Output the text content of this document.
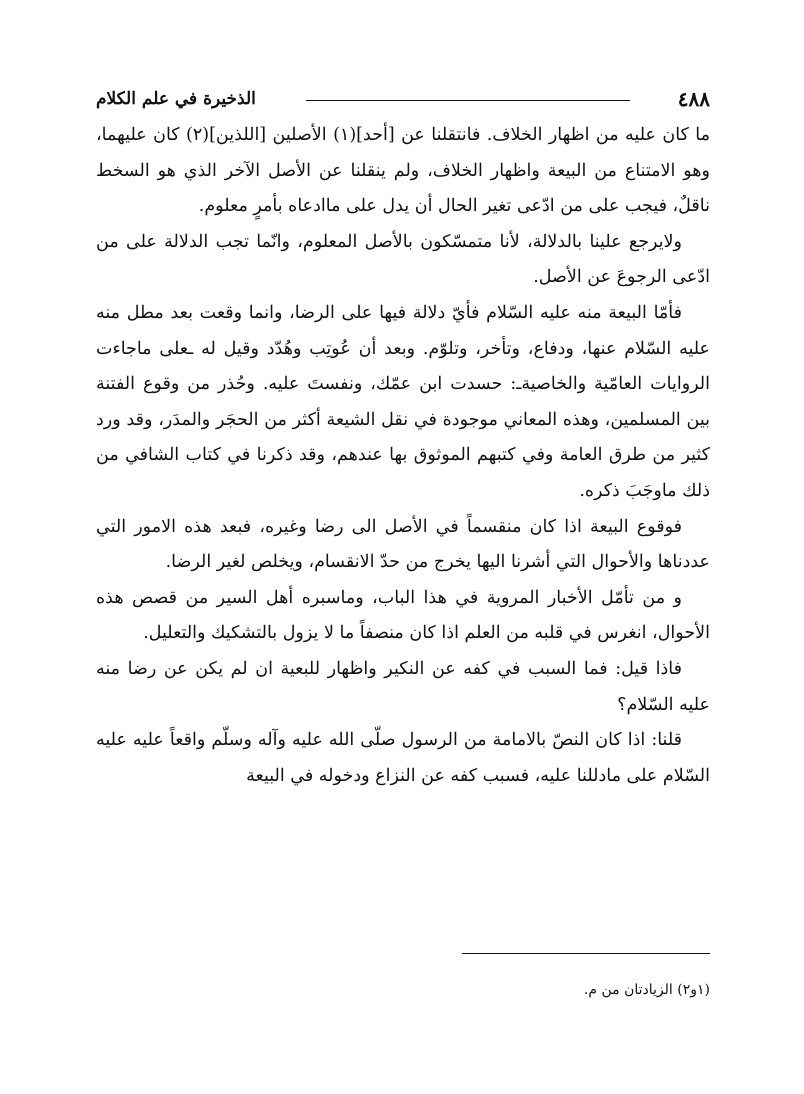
٤٨٨
الذخيرة في علم الكلام

ما كان عليه من اظهار الخلاف. فانتقلنا عن [أحد](١) الأصلين [اللذين](٢) كان عليهما، وهو الامتناع من البيعة واظهار الخلاف، ولم ينقلنا عن الأصل الآخر الذي هو السخط ناقلٌ، فيجب على من ادّعى تغير الحال أن يدل على ماادعاه بأمرٍ معلوم.

ولايرجع علينا بالدلالة، لأنا متمسّكون بالأصل المعلوم، وانّما تجب الدلالة على من ادّعى الرجوعَ عن الأصل.

فأمّا البيعة منه عليه السّلام فأيّ دلالة فيها على الرضا، وانما وقعت بعد مطل منه عليه السّلام عنها، ودفاع، وتأخر، وتلوّم. وبعد أن عُوتِب وهُدّد وقيل له ـعلى ماجاءت الروايات العامّية والخاصيةـ: حسدت ابن عمّك، ونفستَ عليه. وحُذر من وقوع الفتنة بين المسلمين، وهذه المعاني موجودة في نقل الشيعة أكثر من الحجَر والمدَر، وقد ورد كثير من طرق العامة وفي كتبهم الموثوق بها عندهم، وقد ذكرنا في كتاب الشافي من ذلك ماوجَبَ ذكره.

فوقوع البيعة اذا كان منقسماً في الأصل الى رضا وغيره، فبعد هذه الامور التي عددناها والأحوال التي أشرنا اليها يخرج من حدّ الانقسام، ويخلص لغير الرضا.

و من تأمّل الأخبار المروية في هذا الباب، وماسبره أهل السير من قصص هذه الأحوال، انغرس في قلبه من العلم اذا كان منصفاً ما لا يزول بالتشكيك والتعليل.

فاذا قيل: فما السبب في كفه عن النكير واظهار للبعية ان لم يكن عن رضا منه عليه السّلام؟

قلنا: اذا كان النصّ بالامامة من الرسول صلّى الله عليه وآله وسلّم واقعاً عليه عليه السّلام على مادللنا عليه، فسبب كفه عن النزاع ودخوله في البيعة

(١و٢) الزيادتان من م.
